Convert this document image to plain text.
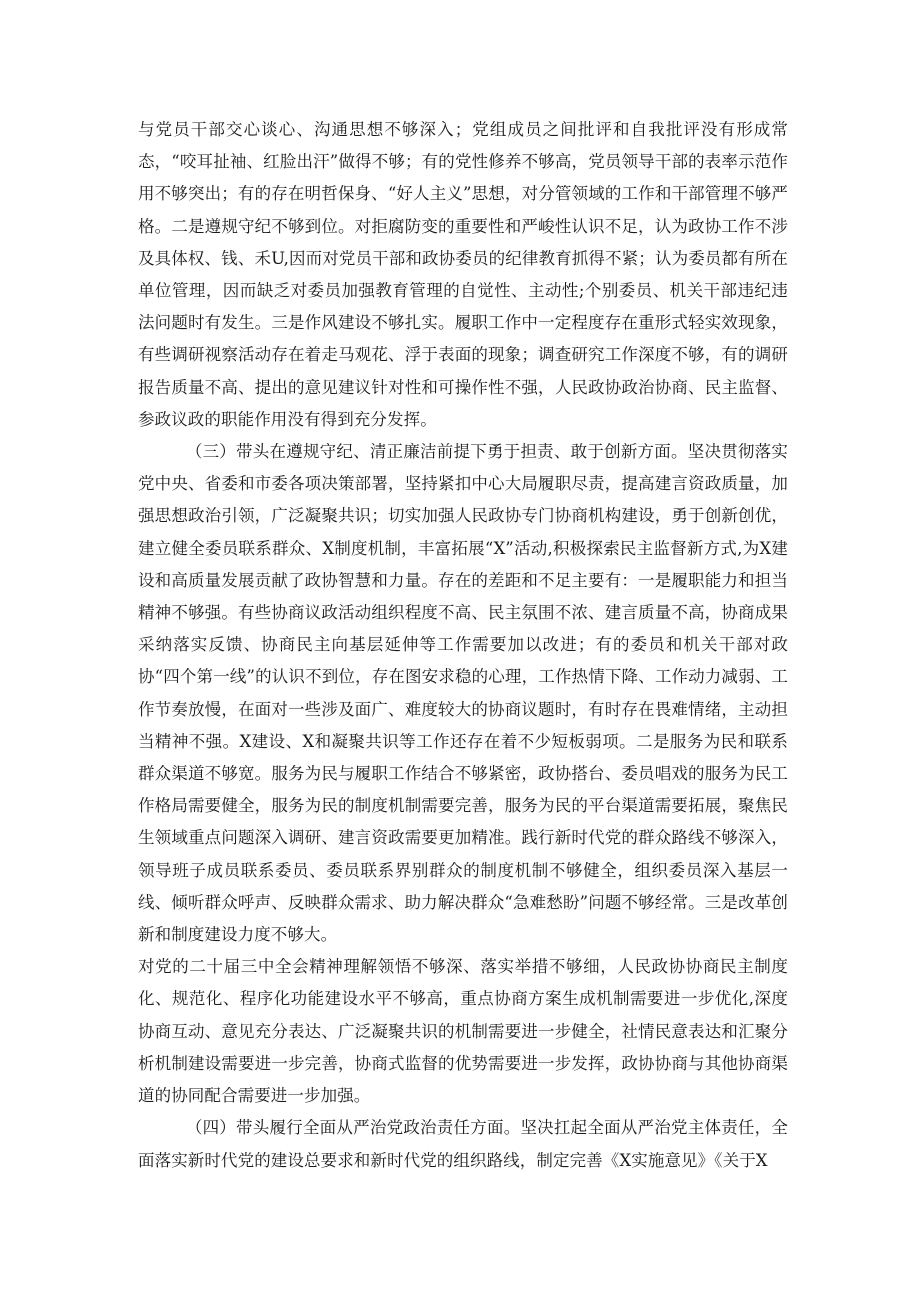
与党员干部交心谈心、沟通思想不够深入；党组成员之间批评和自我批评没有形成常态，“咬耳扯袖、红脸出汗”做得不够；有的党性修养不够高，党员领导干部的表率示范作用不够突出；有的存在明哲保身、“好人主义”思想，对分管领域的工作和干部管理不够严格。二是遵规守纪不够到位。对拒腐防变的重要性和严峻性认识不足，认为政协工作不涉及具体权、钱、禾U,因而对党员干部和政协委员的纪律教育抓得不紧；认为委员都有所在单位管理，因而缺乏对委员加强教育管理的自觉性、主动性;个别委员、机关干部违纪违法问题时有发生。三是作风建设不够扎实。履职工作中一定程度存在重形式轻实效现象，有些调研视察活动存在着走马观花、浮于表面的现象；调查研究工作深度不够，有的调研报告质量不高、提出的意见建议针对性和可操作性不强，人民政协政治协商、民主监督、参政议政的职能作用没有得到充分发挥。

（三）带头在遵规守纪、清正廉洁前提下勇于担责、敢于创新方面。坚决贯彻落实党中央、省委和市委各项决策部署，坚持紧扣中心大局履职尽责，提高建言资政质量，加强思想政治引领，广泛凝聚共识；切实加强人民政协专门协商机构建设，勇于创新创优，建立健全委员联系群众、X制度机制，丰富拓展“X”活动,积极探索民主监督新方式,为X建设和高质量发展贡献了政协智慧和力量。存在的差距和不足主要有：一是履职能力和担当精神不够强。有些协商议政活动组织程度不高、民主氛围不浓、建言质量不高，协商成果采纳落实反馈、协商民主向基层延伸等工作需要加以改进；有的委员和机关干部对政协“四个第一线”的认识不到位，存在图安求稳的心理，工作热情下降、工作动力减弱、工作节奏放慢，在面对一些涉及面广、难度较大的协商议题时，有时存在畏难情绪，主动担当精神不强。X建设、X和凝聚共识等工作还存在着不少短板弱项。二是服务为民和联系群众渠道不够宽。服务为民与履职工作结合不够紧密，政协搭台、委员唱戏的服务为民工作格局需要健全，服务为民的制度机制需要完善，服务为民的平台渠道需要拓展，聚焦民生领域重点问题深入调研、建言资政需要更加精准。践行新时代党的群众路线不够深入，领导班子成员联系委员、委员联系界别群众的制度机制不够健全，组织委员深入基层一线、倾听群众呼声、反映群众需求、助力解决群众“急难愁盼”问题不够经常。三是改革创新和制度建设力度不够大。

对党的二十届三中全会精神理解领悟不够深、落实举措不够细，人民政协协商民主制度化、规范化、程序化功能建设水平不够高，重点协商方案生成机制需要进一步优化,深度协商互动、意见充分表达、广泛凝聚共识的机制需要进一步健全，社情民意表达和汇聚分析机制建设需要进一步完善，协商式监督的优势需要进一步发挥，政协协商与其他协商渠道的协同配合需要进一步加强。

（四）带头履行全面从严治党政治责任方面。坚决扛起全面从严治党主体责任，全面落实新时代党的建设总要求和新时代党的组织路线，制定完善《X实施意见》《关于X
